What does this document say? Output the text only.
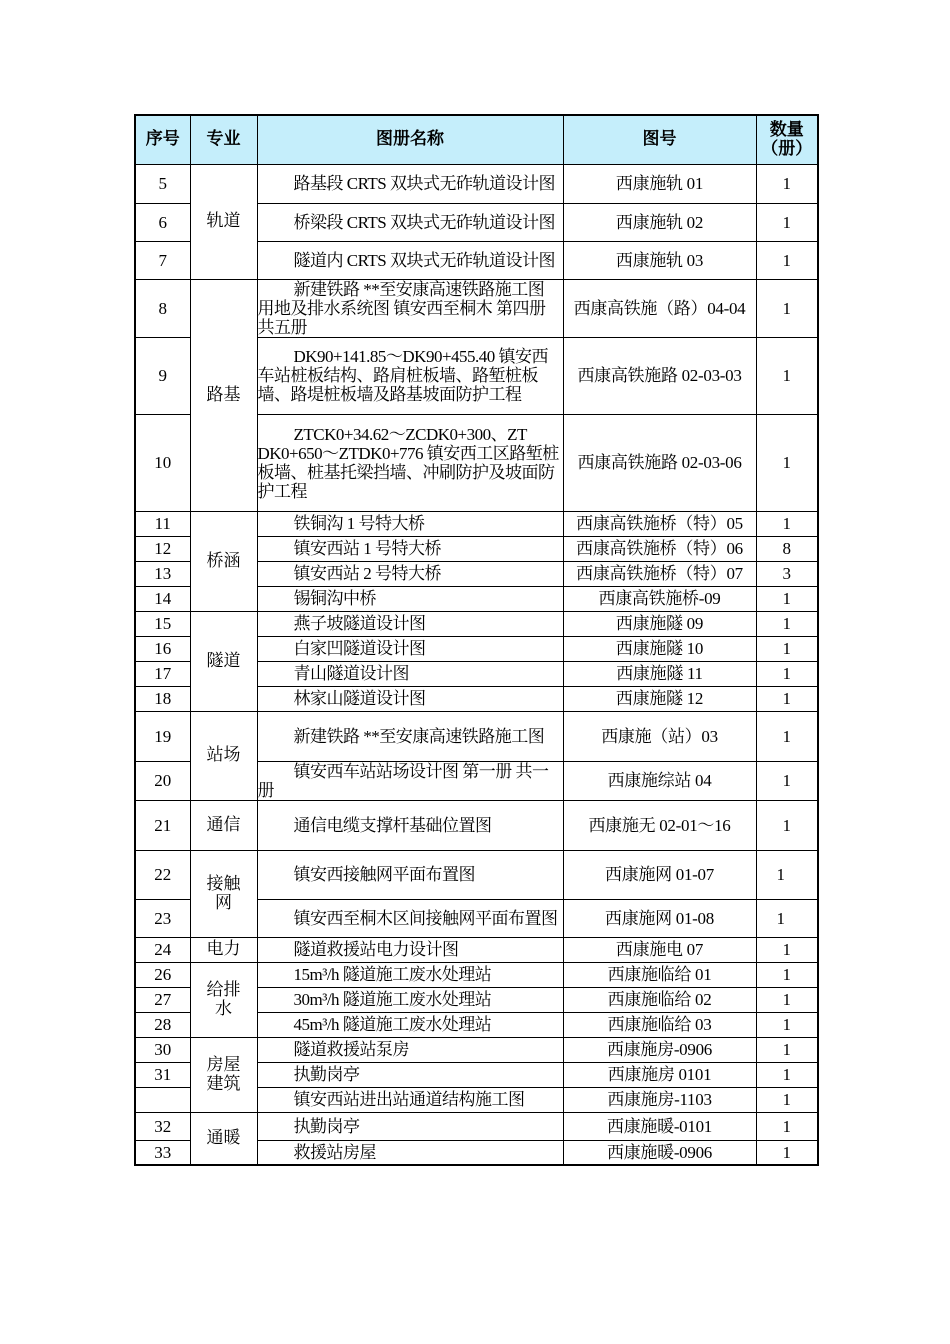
序号	专业	图册名称	图号	数量（册）
5	轨道	路基段 CRTS 双块式无砟轨道设计图	西康施轨 01	1
6		桥梁段 CRTS 双块式无砟轨道设计图	西康施轨 02	1
7		隧道内 CRTS 双块式无砟轨道设计图	西康施轨 03	1
8	路基	新建铁路 **至安康高速铁路施工图 用地及排水系统图 镇安西至桐木 第四册 共五册	西康高铁施（路）04-04	1
9		DK90+141.85～DK90+455.40 镇安西车站桩板结构、路肩桩板墙、路堑桩板墙、路堤桩板墙及路基坡面防护工程	西康高铁施路 02-03-03	1
10		ZTCK0+34.62～ZCDK0+300、ZT DK0+650～ZTDK0+776 镇安西工区路堑桩板墙、桩基托梁挡墙、冲刷防护及坡面防护工程	西康高铁施路 02-03-06	1
11	桥涵	铁铜沟 1 号特大桥	西康高铁施桥（特）05	1
12		镇安西站 1 号特大桥	西康高铁施桥（特）06	8
13		镇安西站 2 号特大桥	西康高铁施桥（特）07	3
14		锡铜沟中桥	西康高铁施桥-09	1
15	隧道	燕子坡隧道设计图	西康施隧 09	1
16		白家凹隧道设计图	西康施隧 10	1
17		青山隧道设计图	西康施隧 11	1
18		林家山隧道设计图	西康施隧 12	1
19	站场	新建铁路 **至安康高速铁路施工图	西康施（站）03	1
20		镇安西车站站场设计图 第一册 共一册	西康施综站 04	1
21	通信	通信电缆支撑杆基础位置图	西康施无 02-01～16	1
22	接触网	镇安西接触网平面布置图	西康施网 01-07	1
23		镇安西至桐木区间接触网平面布置图	西康施网 01-08	1
24	电力	隧道救援站电力设计图	西康施电 07	1
26	给排水	15m³/h 隧道施工废水处理站	西康施临给 01	1
27		30m³/h 隧道施工废水处理站	西康施临给 02	1
28		45m³/h 隧道施工废水处理站	西康施临给 03	1
30	房屋建筑	隧道救援站泵房	西康施房-0906	1
31		执勤岗亭	西康施房 0101	1
		镇安西站进出站通道结构施工图	西康施房-1103	1
32	通暖	执勤岗亭	西康施暖-0101	1
33		救援站房屋	西康施暖-0906	1
